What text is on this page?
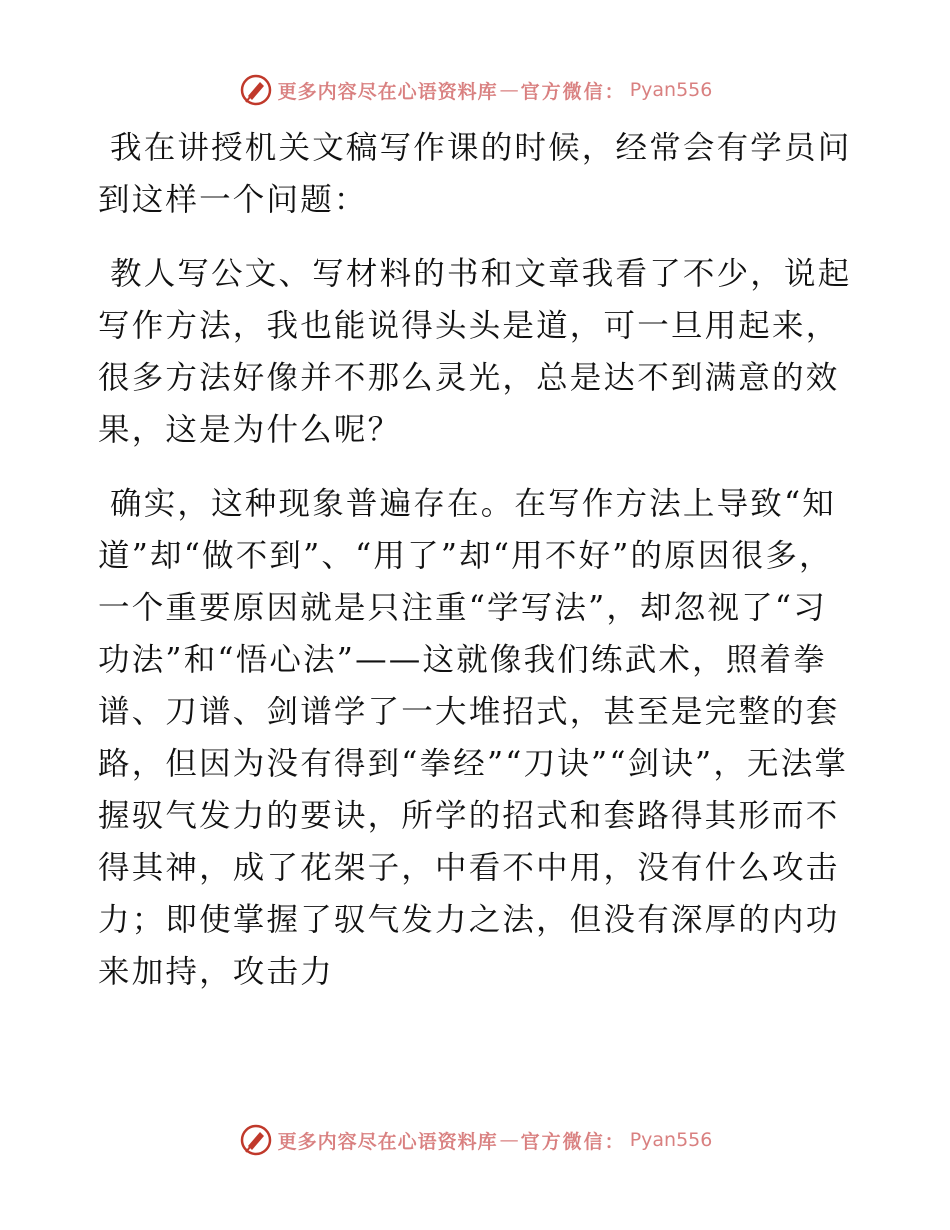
更多内容尽在心语资料库 — 官方微信： Pyan556

我在讲授机关文稿写作课的时候，经常会有学员问到这样一个问题：

教人写公文、写材料的书和文章我看了不少，说起写作方法，我也能说得头头是道，可一旦用起来，很多方法好像并不那么灵光，总是达不到满意的效果，这是为什么呢？

确实，这种现象普遍存在。在写作方法上导致“知道”却“做不到”、“用了”却“用不好”的原因很多，一个重要原因就是只注重“学写法”，却忽视了“习功法”和“悟心法”——这就像我们练武术，照着拳谱、刀谱、剑谱学了一大堆招式，甚至是完整的套路，但因为没有得到“拳经”“刀诀”“剑诀”，无法掌握驭气发力的要诀，所学的招式和套路得其形而不得其神，成了花架子，中看不中用，没有什么攻击力；即使掌握了驭气发力之法，但没有深厚的内功来加持，攻击力

更多内容尽在心语资料库 — 官方微信： Pyan556
